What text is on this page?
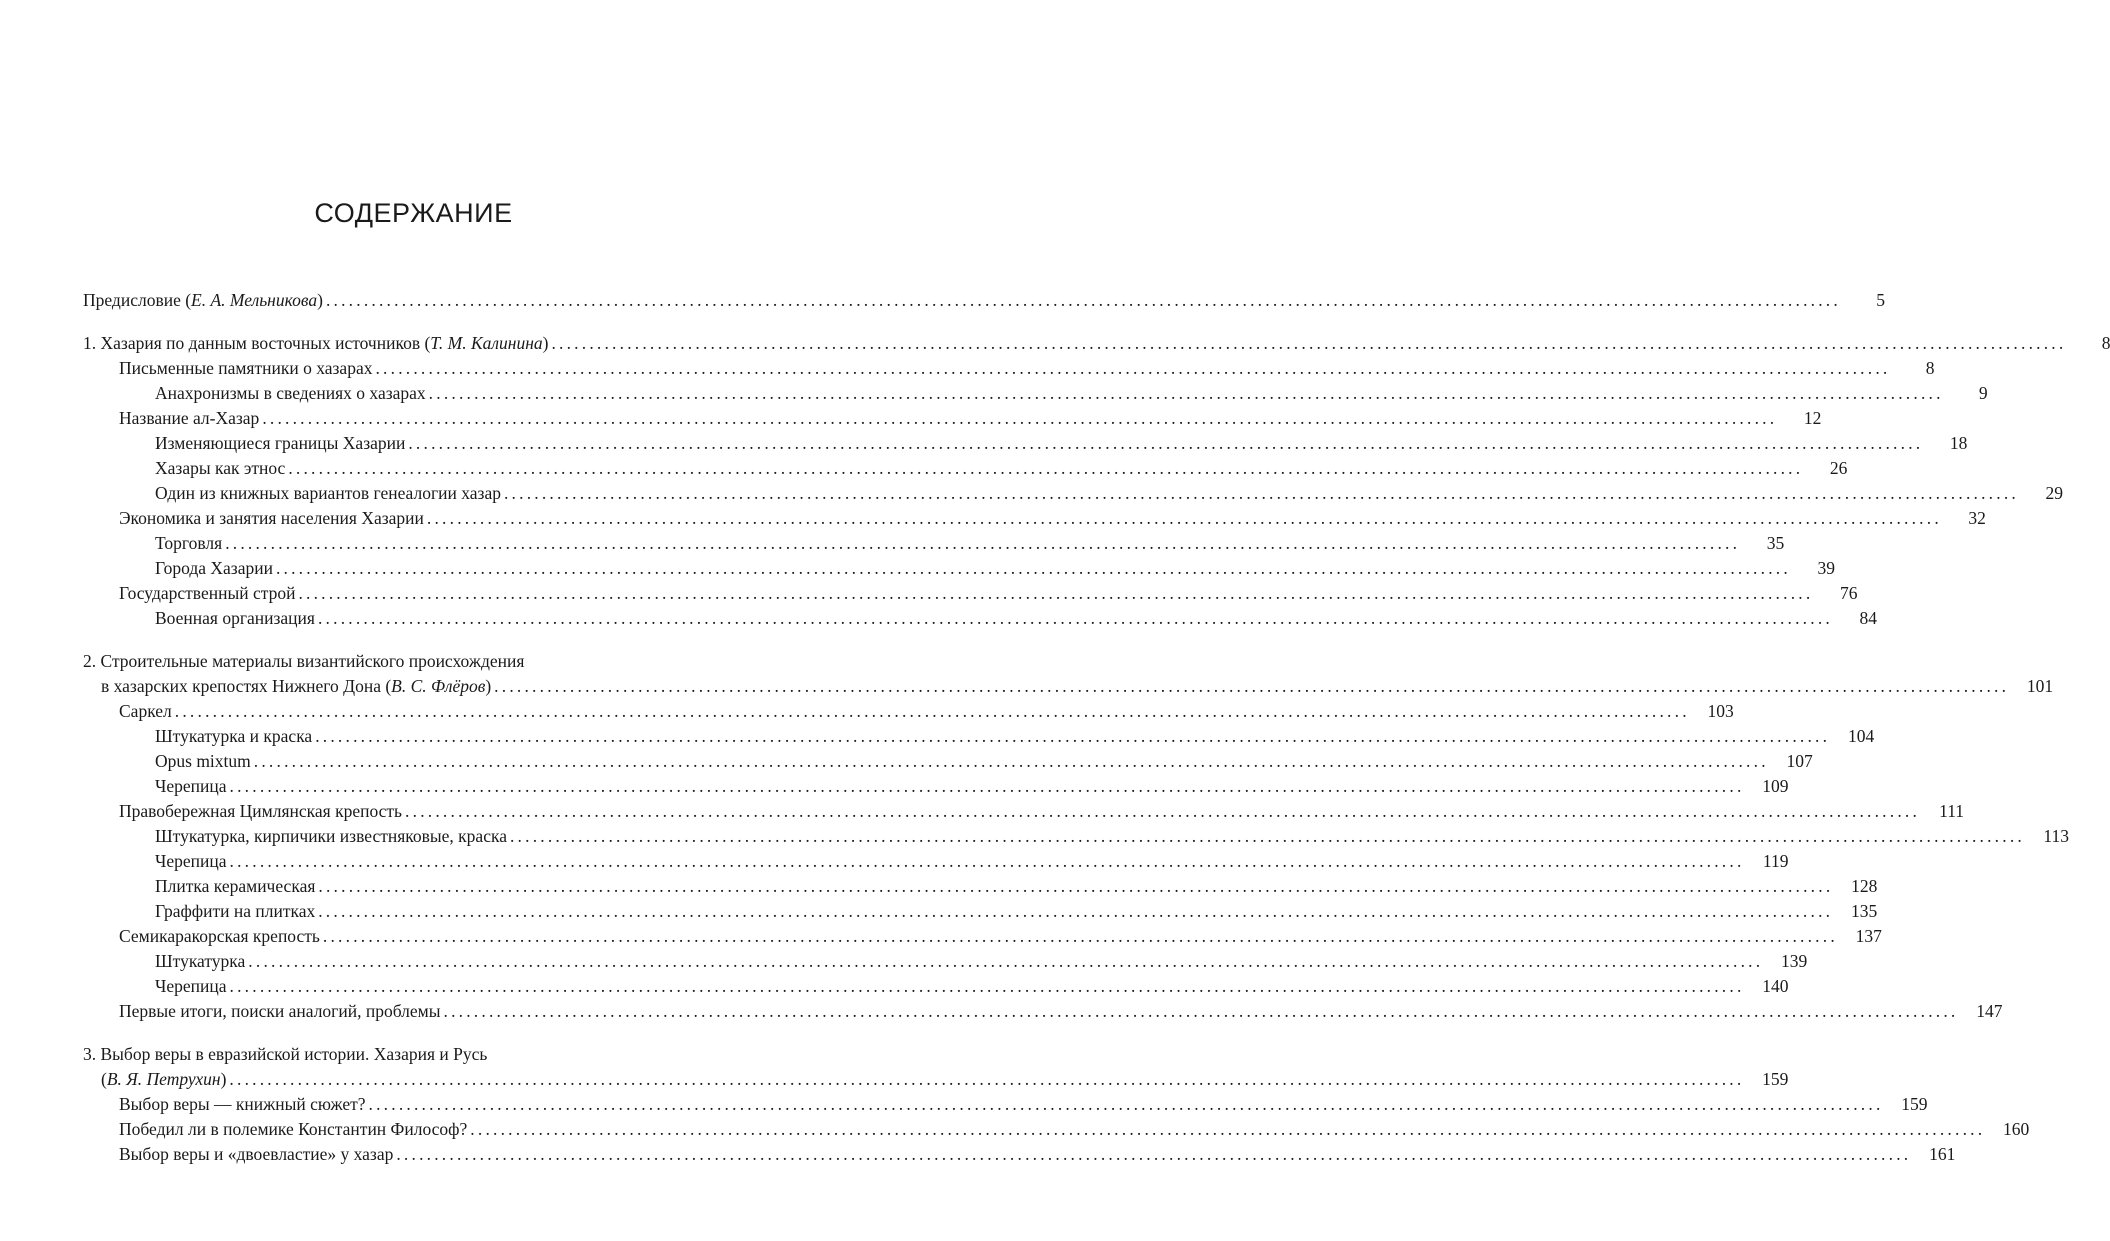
СОДЕРЖАНИЕ
Предисловие (Е. А. Мельникова) ........................................................................................................................................................................................................	5
1. Хазария по данным восточных источников (Т. М. Калинина) ........................................................................................................................................................................................................	8
Письменные памятники о хазарах ........................................................................................................................................................................................................	8
Анахронизмы в сведениях о хазарах ........................................................................................................................................................................................................	9
Название ал-Хазар ........................................................................................................................................................................................................	12
Изменяющиеся границы Хазарии ........................................................................................................................................................................................................	18
Хазары как этнос ........................................................................................................................................................................................................	26
Один из книжных вариантов генеалогии хазар ........................................................................................................................................................................................................	29
Экономика и занятия населения Хазарии ........................................................................................................................................................................................................	32
Торговля ........................................................................................................................................................................................................	35
Города Хазарии ........................................................................................................................................................................................................	39
Государственный строй ........................................................................................................................................................................................................	76
Военная организация ........................................................................................................................................................................................................	84
2. Строительные материалы византийского происхождения
в хазарских крепостях Нижнего Дона (В. С. Флёров) ........................................................................................................................................................................................................	101
Саркел ........................................................................................................................................................................................................	103
Штукатурка и краска ........................................................................................................................................................................................................	104
Opus mixtum ........................................................................................................................................................................................................	107
Черепица ........................................................................................................................................................................................................	109
Правобережная Цимлянская крепость ........................................................................................................................................................................................................	111
Штукатурка, кирпичики известняковые, краска ........................................................................................................................................................................................................	113
Черепица ........................................................................................................................................................................................................	119
Плитка керамическая ........................................................................................................................................................................................................	128
Граффити на плитках ........................................................................................................................................................................................................	135
Семикаракорская крепость ........................................................................................................................................................................................................	137
Штукатурка ........................................................................................................................................................................................................	139
Черепица ........................................................................................................................................................................................................	140
Первые итоги, поиски аналогий, проблемы ........................................................................................................................................................................................................	147
3. Выбор веры в евразийской истории. Хазария и Русь
(В. Я. Петрухин) ........................................................................................................................................................................................................	159
Выбор веры — книжный сюжет? ........................................................................................................................................................................................................	159
Победил ли в полемике Константин Философ? ........................................................................................................................................................................................................	160
Выбор веры и «двоевластие» у хазар ........................................................................................................................................................................................................	161
